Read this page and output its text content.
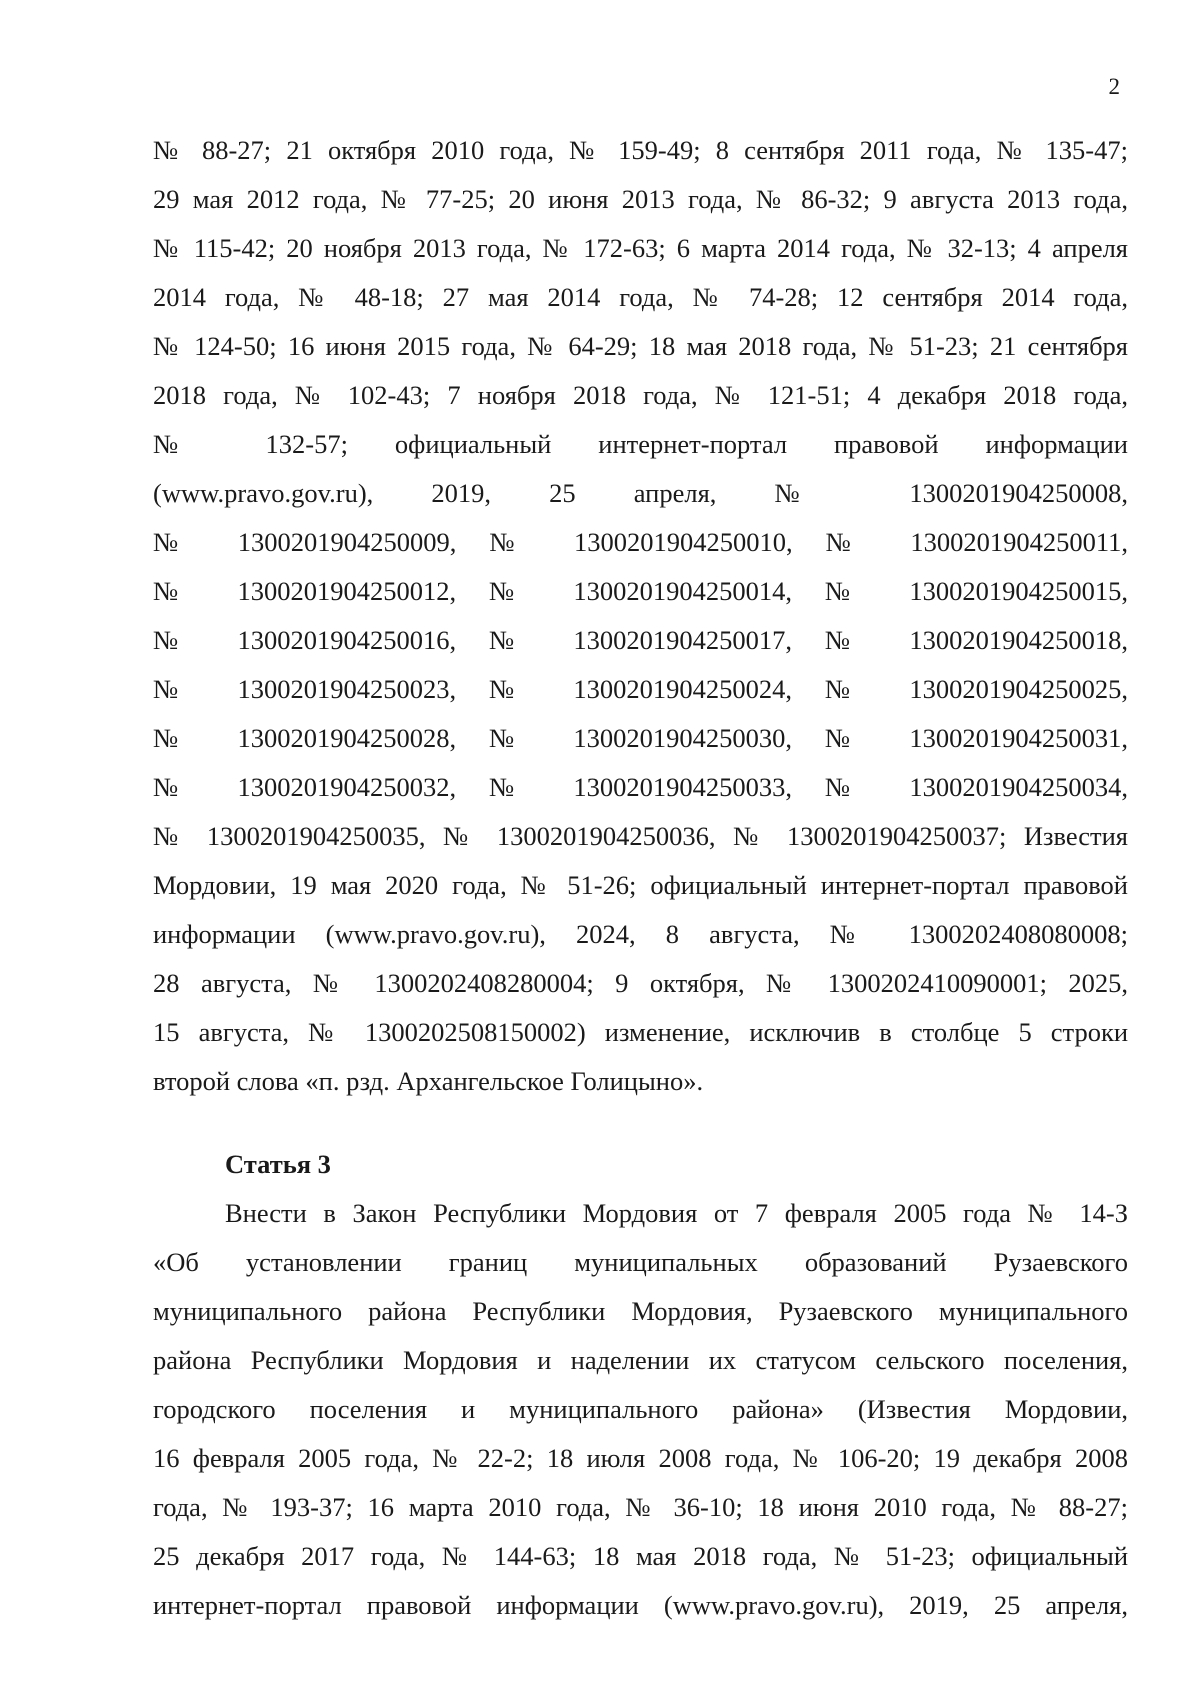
2
№ 88-27; 21 октября 2010 года, № 159-49; 8 сентября 2011 года, № 135-47;
29 мая 2012 года, № 77-25; 20 июня 2013 года, № 86-32; 9 августа 2013 года,
№ 115-42; 20 ноября 2013 года, № 172-63; 6 марта 2014 года, № 32-13; 4 апреля
2014 года, № 48-18; 27 мая 2014 года, № 74-28; 12 сентября 2014 года,
№ 124-50; 16 июня 2015 года, № 64-29; 18 мая 2018 года, № 51-23; 21 сентября
2018 года, № 102-43; 7 ноября 2018 года, № 121-51; 4 декабря 2018 года,
№ 132-57; официальный интернет-портал правовой информации
(www.pravo.gov.ru), 2019, 25 апреля, № 1300201904250008,
№ 1300201904250009, № 1300201904250010, № 1300201904250011,
№ 1300201904250012, № 1300201904250014, № 1300201904250015,
№ 1300201904250016, № 1300201904250017, № 1300201904250018,
№ 1300201904250023, № 1300201904250024, № 1300201904250025,
№ 1300201904250028, № 1300201904250030, № 1300201904250031,
№ 1300201904250032, № 1300201904250033, № 1300201904250034,
№ 1300201904250035, № 1300201904250036, № 1300201904250037; Известия
Мордовии, 19 мая 2020 года, № 51-26; официальный интернет-портал правовой
информации (www.pravo.gov.ru), 2024, 8 августа, № 1300202408080008;
28 августа, № 1300202408280004; 9 октября, № 1300202410090001; 2025,
15 августа, № 1300202508150002) изменение, исключив в столбце 5 строки
второй слова «п. рзд. Архангельское Голицыно».
Статья 3
Внести в Закон Республики Мордовия от 7 февраля 2005 года № 14-З
«Об установлении границ муниципальных образований Рузаевского
муниципального района Республики Мордовия, Рузаевского муниципального
района Республики Мордовия и наделении их статусом сельского поселения,
городского поселения и муниципального района» (Известия Мордовии,
16 февраля 2005 года, № 22-2; 18 июля 2008 года, № 106-20; 19 декабря 2008
года, № 193-37; 16 марта 2010 года, № 36-10; 18 июня 2010 года, № 88-27;
25 декабря 2017 года, № 144-63; 18 мая 2018 года, № 51-23; официальный
интернет-портал правовой информации (www.pravo.gov.ru), 2019, 25 апреля,
